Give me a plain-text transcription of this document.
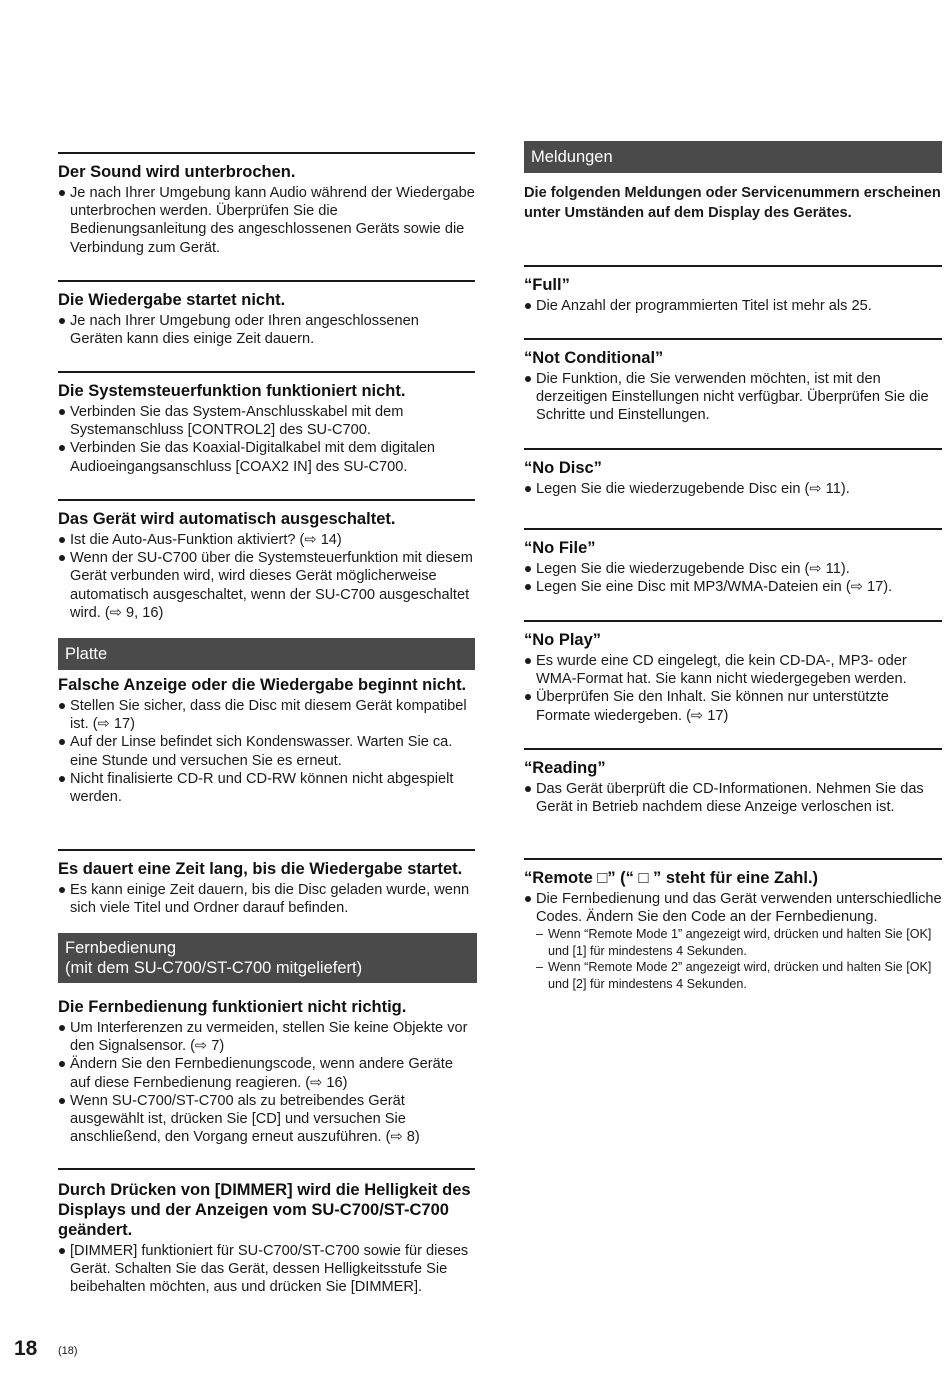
Der Sound wird unterbrochen.
Je nach Ihrer Umgebung kann Audio während der Wiedergabe unterbrochen werden. Überprüfen Sie die Bedienungsanleitung des angeschlossenen Geräts sowie die Verbindung zum Gerät.
Die Wiedergabe startet nicht.
Je nach Ihrer Umgebung oder Ihren angeschlossenen Geräten kann dies einige Zeit dauern.
Die Systemsteuerfunktion funktioniert nicht.
Verbinden Sie das System-Anschlusskabel mit dem Systemanschluss [CONTROL2] des SU-C700.
Verbinden Sie das Koaxial-Digitalkabel mit dem digitalen Audioeingangsanschluss [COAX2 IN] des SU-C700.
Das Gerät wird automatisch ausgeschaltet.
Ist die Auto-Aus-Funktion aktiviert? (⇨ 14)
Wenn der SU-C700 über die Systemsteuerfunktion mit diesem Gerät verbunden wird, wird dieses Gerät möglicherweise automatisch ausgeschaltet, wenn der SU-C700 ausgeschaltet wird. (⇨ 9, 16)
Platte
Falsche Anzeige oder die Wiedergabe beginnt nicht.
Stellen Sie sicher, dass die Disc mit diesem Gerät kompatibel ist. (⇨ 17)
Auf der Linse befindet sich Kondenswasser. Warten Sie ca. eine Stunde und versuchen Sie es erneut.
Nicht finalisierte CD-R und CD-RW können nicht abgespielt werden.
Es dauert eine Zeit lang, bis die Wiedergabe startet.
Es kann einige Zeit dauern, bis die Disc geladen wurde, wenn sich viele Titel und Ordner darauf befinden.
Fernbedienung
(mit dem SU-C700/ST-C700 mitgeliefert)
Die Fernbedienung funktioniert nicht richtig.
Um Interferenzen zu vermeiden, stellen Sie keine Objekte vor den Signalsensor. (⇨ 7)
Ändern Sie den Fernbedienungscode, wenn andere Geräte auf diese Fernbedienung reagieren. (⇨ 16)
Wenn SU-C700/ST-C700 als zu betreibendes Gerät ausgewählt ist, drücken Sie [CD] und versuchen Sie anschließend, den Vorgang erneut auszuführen. (⇨ 8)
Durch Drücken von [DIMMER] wird die Helligkeit des Displays und der Anzeigen vom SU-C700/ST-C700 geändert.
[DIMMER] funktioniert für SU-C700/ST-C700 sowie für dieses Gerät. Schalten Sie das Gerät, dessen Helligkeitsstufe Sie beibehalten möchten, aus und drücken Sie [DIMMER].
Meldungen
Die folgenden Meldungen oder Servicenummern erscheinen unter Umständen auf dem Display des Gerätes.
“Full”
Die Anzahl der programmierten Titel ist mehr als 25.
“Not Conditional”
Die Funktion, die Sie verwenden möchten, ist mit den derzeitigen Einstellungen nicht verfügbar. Überprüfen Sie die Schritte und Einstellungen.
“No Disc”
Legen Sie die wiederzugebende Disc ein (⇨ 11).
“No File”
Legen Sie die wiederzugebende Disc ein (⇨ 11).
Legen Sie eine Disc mit MP3/WMA-Dateien ein (⇨ 17).
“No Play”
Es wurde eine CD eingelegt, die kein CD-DA-, MP3- oder WMA-Format hat. Sie kann nicht wiedergegeben werden.
Überprüfen Sie den Inhalt. Sie können nur unterstützte Formate wiedergeben. (⇨ 17)
“Reading”
Das Gerät überprüft die CD-Informationen. Nehmen Sie das Gerät in Betrieb nachdem diese Anzeige verloschen ist.
“Remote □” (“ □ ” steht für eine Zahl.)
Die Fernbedienung und das Gerät verwenden unterschiedliche Codes. Ändern Sie den Code an der Fernbedienung.
– Wenn “Remote Mode 1” angezeigt wird, drücken und halten Sie [OK] und [1] für mindestens 4 Sekunden.
– Wenn “Remote Mode 2” angezeigt wird, drücken und halten Sie [OK] und [2] für mindestens 4 Sekunden.
18 (18)
